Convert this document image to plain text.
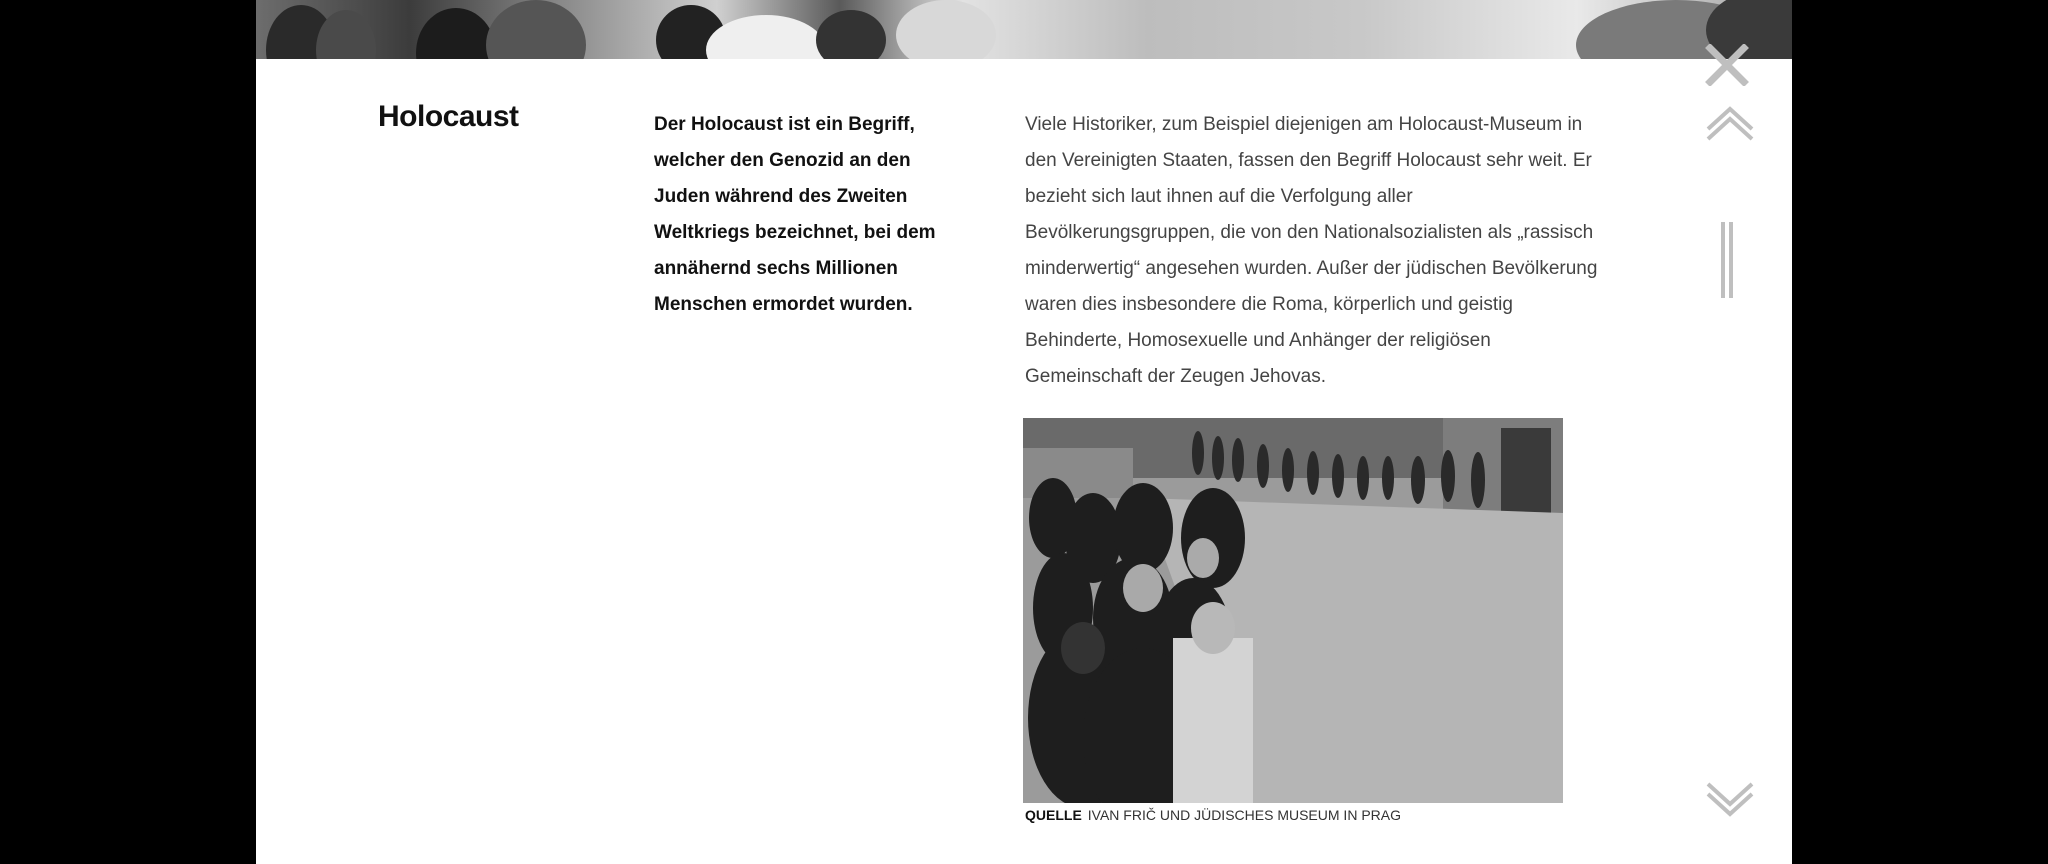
Holocaust	Der Holocaust ist ein Begriff, welcher den Genozid an den Juden während des Zweiten Weltkriegs bezeichnet, bei dem annähernd sechs Millionen Menschen ermordet wurden.

Viele Historiker, zum Beispiel diejenigen am Holocaust-Museum in den Vereinigten Staaten, fassen den Begriff Holocaust sehr weit. Er bezieht sich laut ihnen auf die Verfolgung aller Bevölkerungsgruppen, die von den Nationalsozialisten als „rassisch minderwertig“ angesehen wurden. Außer der jüdischen Bevölkerung waren dies insbesondere die Roma, körperlich und geistig Behinderte, Homosexuelle und Anhänger der religiösen Gemeinschaft der Zeugen Jehovas.

QUELLE IVAN FRIČ UND JÜDISCHES MUSEUM IN PRAG
